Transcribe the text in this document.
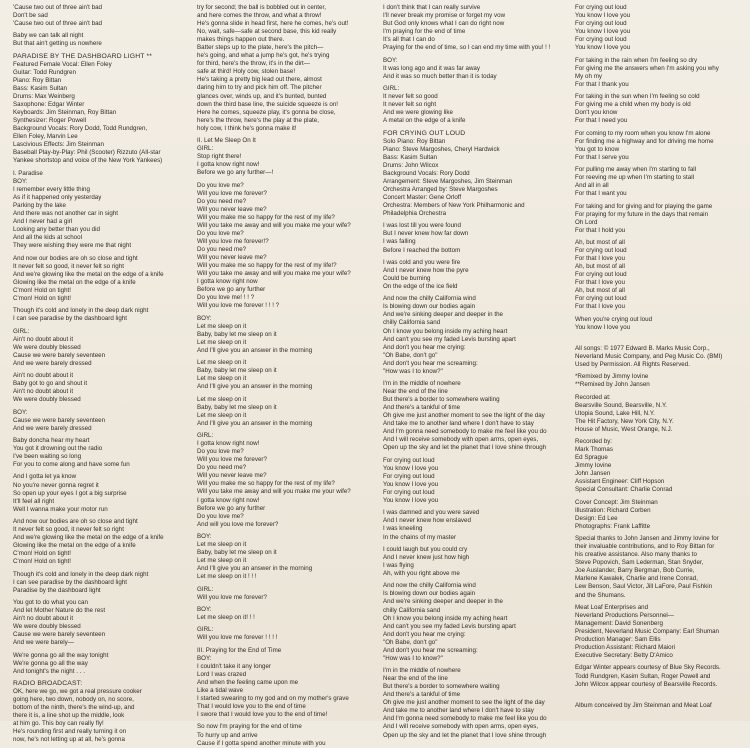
'Cause two out of three ain't bad
Don't be sad
'Cause two out of three ain't bad
Baby we can talk all night
But that ain't getting us nowhere
PARADISE BY THE DASHBOARD LIGHT **
Featured Female Vocal: Ellen Foley
Guitar: Todd Rundgren
Piano: Roy Bittan
Bass: Kasim Sultan
Drums: Max Weinberg
Saxophone: Edgar Winter
Keyboards: Jim Steinman, Roy Bittan
Synthesizer: Roger Powell
Background Vocals: Rory Dodd, Todd Rundgren,
Ellen Foley, Marvin Lee
Lascivious Effects: Jim Steinman
Baseball Play-by-Play: Phil (Scooter) Rizzuto (All-star
Yankee shortstop and voice of the New York Yankees)
I. Paradise
BOY:
I remember every little thing
As if it happened only yesterday
Parking by the lake
And there was not another car in sight
And I never had a girl
Looking any better than you did
And all the kids at school
They were wishing they were me that night
And now our bodies are oh so close and tight
It never felt so good, it never felt so right
And we're glowing like the metal on the edge of a knife
Glowing like the metal on the edge of a knife
C'mon! Hold on tight!
C'mon! Hold on tight!
Though it's cold and lonely in the deep dark night
I can see paradise by the dashboard light
GIRL:
Ain't no doubt about it
We were doubly blessed
Cause we were barely seventeen
And we were barely dressed
Ain't no doubt about it
Baby got to go and shout it
Ain't no doubt about it
We were doubly blessed
BOY:
Cause we were barely seventeen
And we were barely dressed
Baby doncha hear my heart
You got it drowning out the radio
I've been waiting so long
For you to come along and have some fun
And I gotta let ya know
No you're never gonna regret it
So open up your eyes I got a big surprise
It'll feel all right
Well I wanna make your motor run
And now our bodies are oh so close and tight
It never felt so good, it never felt so right
And we're glowing like the metal on the edge of a knife
Glowing like the metal on the edge of a knife
C'mon! Hold on tight!
C'mon! Hold on tight!
Though it's cold and lonely in the deep dark night
I can see paradise by the dashboard light
Paradise by the dashboard light
You got to do what you can
And let Mother Nature do the rest
Ain't no doubt about it
We were doubly blessed
Cause we were barely seventeen
And we were barely—
We're gonna go all the way tonight
We're gonna go all the way
And tonight's the night . . .
RADIO BROADCAST:
OK, here we go, we got a real pressure cooker
going here, two down, nobody on, no score,
bottom of the ninth, there's the wind-up, and
there it is, a line shot up the middle, look
at him go. This boy can really fly!
He's rounding first and really turning it on
now, he's not letting up at all, he's gonna
try for second; the ball is bobbled out in center,
and here comes the throw, and what a throw!
He's gonna slide in head first, here he comes, he's out!
No, wait, safe—safe at second base, this kid really
makes things happen out there.
Batter steps up to the plate, here's the pitch—
he's going, and what a jump he's got, he's trying
for third, here's the throw, it's in the dirt—
safe at third! Holy cow, stolen base!
He's taking a pretty big lead out there, almost
daring him to try and pick him off. The pitcher
glances over, winds up, and it's bunted, bunted
down the third base line, the suicide squeeze is on!
Here he comes, squeeze play, it's gonna be close,
here's the throw, here's the play at the plate,
holy cow, I think he's gonna make it!
II. Let Me Sleep On It
GIRL:
Stop right there!
I gotta know right now!
Before we go any further—!
Do you love me?
Will you love me forever?
Do you need me?
Will you never leave me?
Will you make me so happy for the rest of my life?
Will you take me away and will you make me your wife?
Do you love me?
Will you love me forever!?
Do you need me?
Will you never leave me?
Will you make me so happy for the rest of my life!?
Will you take me away and will you make me your wife?
I gotta know right now
Before we go any further
Do you love me! ! ! ?
Will you love me forever ! ! ! ?
BOY:
Let me sleep on it
Baby, baby let me sleep on it
Let me sleep on it
And I'll give you an answer in the morning
Let me sleep on it
Baby, baby let me sleep on it
Let me sleep on it
And I'll give you an answer in the morning
Let me sleep on it
Baby, baby let me sleep on it
Let me sleep on it
And I'll give you an answer in the morning
GIRL:
I gotta know right now!
Do you love me?
Will you love me forever?
Do you need me?
Will you never leave me?
Will you make me so happy for the rest of my life?
Will you take me away and will you make me your wife?
I gotta know right now!
Before we go any further
Do you love me?
And will you love me forever?
BOY:
Let me sleep on it
Baby, baby let me sleep on it
Let me sleep on it
And I'll give you an answer in the morning
Let me sleep on it ! ! !
GIRL:
Will you love me forever?
BOY:
Let me sleep on it! ! !
GIRL:
Will you love me forever ! ! ! !
III. Praying for the End of Time
BOY:
I couldn't take it any longer
Lord I was crazed
And when the feeling came upon me
Like a tidal wave
I started swearing to my god and on my mother's grave
That I would love you to the end of time
I swore that I would love you to the end of time!
So now I'm praying for the end of time
To hurry up and arrive
Cause if I gotta spend another minute with you
I don't think that I can really survive
I'll never break my promise or forget my vow
But God only knows what I can do right now
I'm praying for the end of time
It's all that I can do
Praying for the end of time, so I can end my time with you! ! !
BOY:
It was long ago and it was far away
And it was so much better than it is today
GIRL:
It never felt so good
It never felt so right
And we were glowing like
A metal on the edge of a knife
FOR CRYING OUT LOUD
Solo Piano: Roy Bittan
Piano: Steve Margoshes, Cheryl Hardwick
Bass: Kasim Sultan
Drums: John Wilcox
Background Vocals: Rory Dodd
Arrangement: Steve Margoshes, Jim Steinman
Orchestra Arranged by: Steve Margoshes
Concert Master: Gene Orloff
Orchestra: Members of New York Philharmonic and
Philadelphia Orchestra
I was lost till you were found
But I never knew how far down
I was falling
Before I reached the bottom
I was cold and you were fire
And I never knew how the pyre
Could be burning
On the edge of the ice field
And now the chilly California wind
Is blowing down our bodies again
And we're sinking deeper and deeper in the
chilly California sand
Oh I know you belong inside my aching heart
And can't you see my faded Levis bursting apart
And don't you hear me crying:
"Oh Babe, don't go"
And don't you hear me screaming:
"How was I to know?"
I'm in the middle of nowhere
Near the end of the line
But there's a border to somewhere waiting
And there's a tankful of time
Oh give me just another moment to see the light of the day
And take me to another land where I don't have to stay
And I'm gonna need somebody to make me feel like you do
And I will receive somebody with open arms, open eyes,
Open up the sky and let the planet that I love shine through
For crying out loud
You know I love you
For crying out loud
You know I love you
For crying out loud
You know I love you
I was damned and you were saved
And I never knew how enslaved
I was kneeling
In the chains of my master
I could laugh but you could cry
And I never knew just how high
I was flying
Ah, with you right above me
And now the chilly California wind
Is blowing down our bodies again
And we're sinking deeper and deeper in the
chilly California sand
Oh I know you belong inside my aching heart
And can't you see my faded Levis bursting apart
And don't you hear me crying:
"Oh Babe, don't go"
And don't you hear me screaming:
"How was I to know?"
I'm in the middle of nowhere
Near the end of the line
But there's a border to somewhere waiting
And there's a tankful of time
Oh give me just another moment to see the light of the day
And take me to another land where I don't have to stay
And I'm gonna need somebody to make me feel like you do
And I will receive somebody with open arms, open eyes,
Open up the sky and let the planet that I love shine through
For crying out loud
You know I love you
For crying out loud
You know I love you
For crying out loud
You know I love you
For taking in the rain when I'm feeling so dry
For giving me the answers when I'm asking you why
My oh my
For that I thank you
For taking in the sun when I'm feeling so cold
For giving me a child when my body is old
Don't you know
For that I need you
For coming to my room when you know I'm alone
For finding me a highway and for driving me home
You got to know
For that I serve you
For pulling me away when I'm starting to fall
For reeving me up when I'm starting to stall
And all in all
For that I want you
For taking and for giving and for playing the game
For praying for my future in the days that remain
Oh Lord
For that I hold you
Ah, but most of all
For crying out loud
For that I love you
Ah, but most of all
For crying out loud
For that I love you
Ah, but most of all
For crying out loud
For that I love you
When you're crying out loud
You know I love you
All songs: © 1977 Edward B. Marks Music Corp.,
Neverland Music Company, and Peg Music Co. (BMI)
Used by Permission. All Rights Reserved.
*Remixed by Jimmy Iovine
**Remixed by John Jansen
Recorded at:
Bearsville Sound, Bearsville, N.Y.
Utopia Sound, Lake Hill, N.Y.
The Hit Factory, New York City, N.Y.
House of Music, West Orange, N.J.
Recorded by:
Mark Thomas
Ed Sprague
Jimmy Iovine
John Jansen
Assistant Engineer: Cliff Hopson
Special Consultant: Charlie Conrad
Cover Concept: Jim Steinman
Illustration: Richard Corben
Design: Ed Lee
Photographs: Frank Laffitte
Special thanks to John Jansen and Jimmy Iovine for
their invaluable contributions, and to Roy Bittan for
his creative assistance. Also many thanks to
Steve Popovich, Sam Lederman, Stan Snyder,
Joe Auslander, Barry Bergman, Bob Currie,
Marlene Kawalek, Charlie and Irene Conrad,
Lew Benson, Saul Victor, Jill LaFore, Paul Fishkin
and the Shumans.
Meat Loaf Enterprises and
Neverland Productions Personnel—
Management: David Sonenberg
President, Neverland Music Company: Earl Shuman
Production Manager: Sam Ellis
Production Assistant: Richard Maiori
Executive Secretary: Betty D'Amico
Edgar Winter appears courtesy of Blue Sky Records.
Todd Rundgren, Kasim Sultan, Roger Powell and
John Wilcox appear courtesy of Bearsville Records.
Album conceived by Jim Steinman and Meat Loaf
